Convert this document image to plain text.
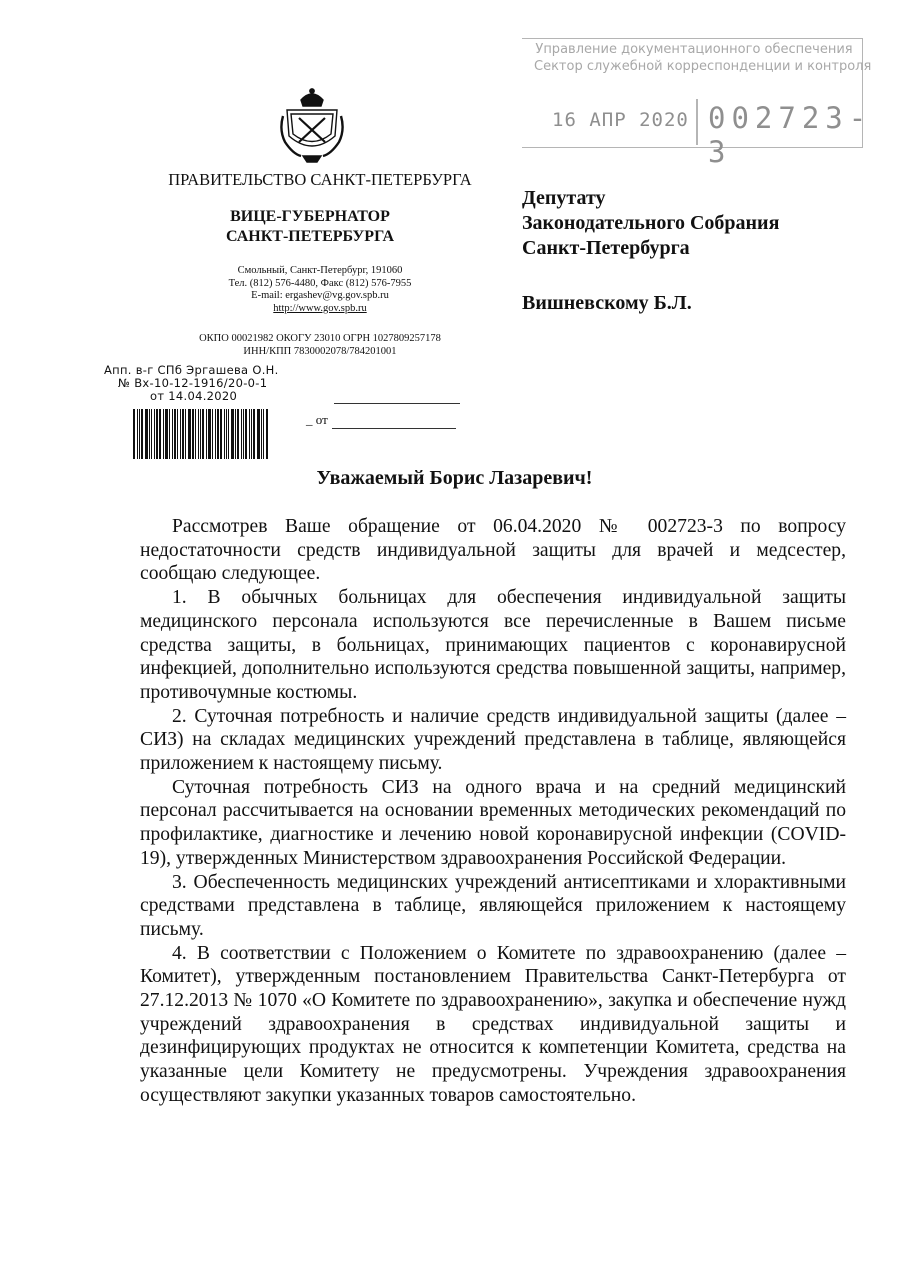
Управление документационного обеспечения
Сектор служебной корреспонденции и контроля
16 АПР 2020 002723-3
ПРАВИТЕЛЬСТВО САНКТ-ПЕТЕРБУРГА
ВИЦЕ-ГУБЕРНАТОР
САНКТ-ПЕТЕРБУРГА
Смольный, Санкт-Петербург, 191060
Тел. (812) 576-4480, Факс (812) 576-7955
E-mail: ergashev@vg.gov.spb.ru
http://www.gov.spb.ru
ОКПО 00021982 ОКОГУ 23010 ОГРН 1027809257178
ИНН/КПП 7830002078/784201001
Депутату
Законодательного Собрания
Санкт-Петербурга
Вишневскому Б.Л.
Апп. в-г СПб Эргашева О.Н.
№ Вх-10-12-1916/20-0-1
от 14.04.2020
_ от
Уважаемый Борис Лазаревич!

Рассмотрев Ваше обращение от 06.04.2020 № 002723-3 по вопросу недостаточности средств индивидуальной защиты для врачей и медсестер, сообщаю следующее.

1. В обычных больницах для обеспечения индивидуальной защиты медицинского персонала используются все перечисленные в Вашем письме средства защиты, в больницах, принимающих пациентов с коронавирусной инфекцией, дополнительно используются средства повышенной защиты, например, противочумные костюмы.

2. Суточная потребность и наличие средств индивидуальной защиты (далее – СИЗ) на складах медицинских учреждений представлена в таблице, являющейся приложением к настоящему письму.

Суточная потребность СИЗ на одного врача и на средний медицинский персонал рассчитывается на основании временных методических рекомендаций по профилактике, диагностике и лечению новой коронавирусной инфекции (COVID-19), утвержденных Министерством здравоохранения Российской Федерации.

3. Обеспеченность медицинских учреждений антисептиками и хлорактивными средствами представлена в таблице, являющейся приложением к настоящему письму.

4. В соответствии с Положением о Комитете по здравоохранению (далее – Комитет), утвержденным постановлением Правительства Санкт-Петербурга от 27.12.2013 № 1070 «О Комитете по здравоохранению», закупка и обеспечение нужд учреждений здравоохранения в средствах индивидуальной защиты и дезинфицирующих продуктах не относится к компетенции Комитета, средства на указанные цели Комитету не предусмотрены. Учреждения здравоохранения осуществляют закупки указанных товаров самостоятельно.
